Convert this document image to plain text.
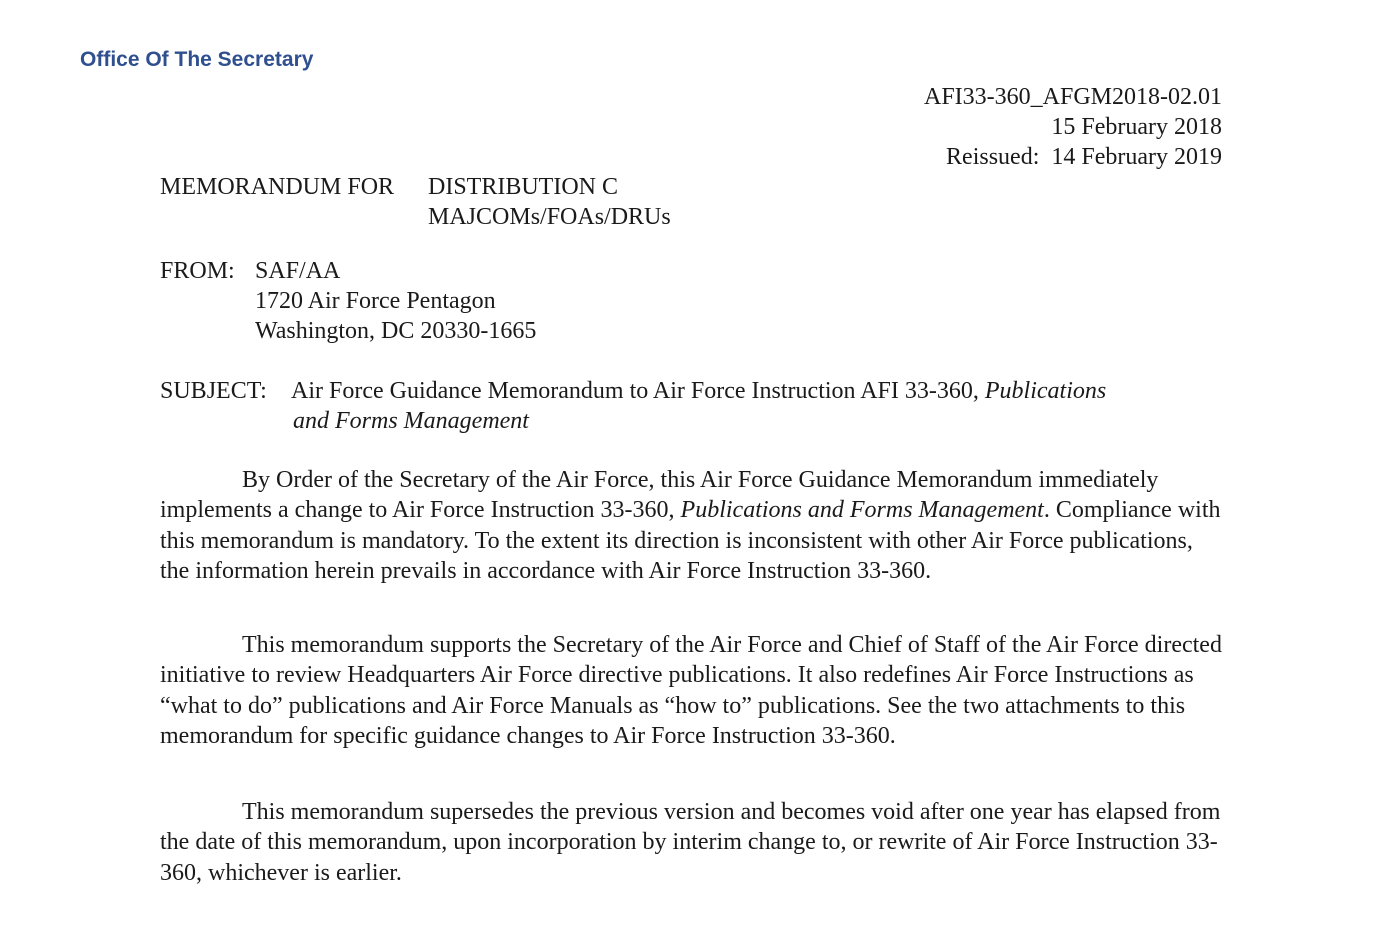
Office Of The Secretary
AFI33-360_AFGM2018-02.01
15 February 2018
Reissued:  14 February 2019
MEMORANDUM FOR DISTRIBUTION C
MAJCOMs/FOAs/DRUs
FROM: SAF/AA
1720 Air Force Pentagon
Washington, DC 20330-1665
SUBJECT: Air Force Guidance Memorandum to Air Force Instruction AFI 33-360, Publications
and Forms Management

By Order of the Secretary of the Air Force, this Air Force Guidance Memorandum immediately implements a change to Air Force Instruction 33-360, Publications and Forms Management. Compliance with this memorandum is mandatory. To the extent its direction is inconsistent with other Air Force publications, the information herein prevails in accordance with Air Force Instruction 33-360.

This memorandum supports the Secretary of the Air Force and Chief of Staff of the Air Force directed initiative to review Headquarters Air Force directive publications. It also redefines Air Force Instructions as “what to do” publications and Air Force Manuals as “how to” publications. See the two attachments to this memorandum for specific guidance changes to Air Force Instruction 33-360.

This memorandum supersedes the previous version and becomes void after one year has elapsed from the date of this memorandum, upon incorporation by interim change to, or rewrite of Air Force Instruction 33-360, whichever is earlier.
